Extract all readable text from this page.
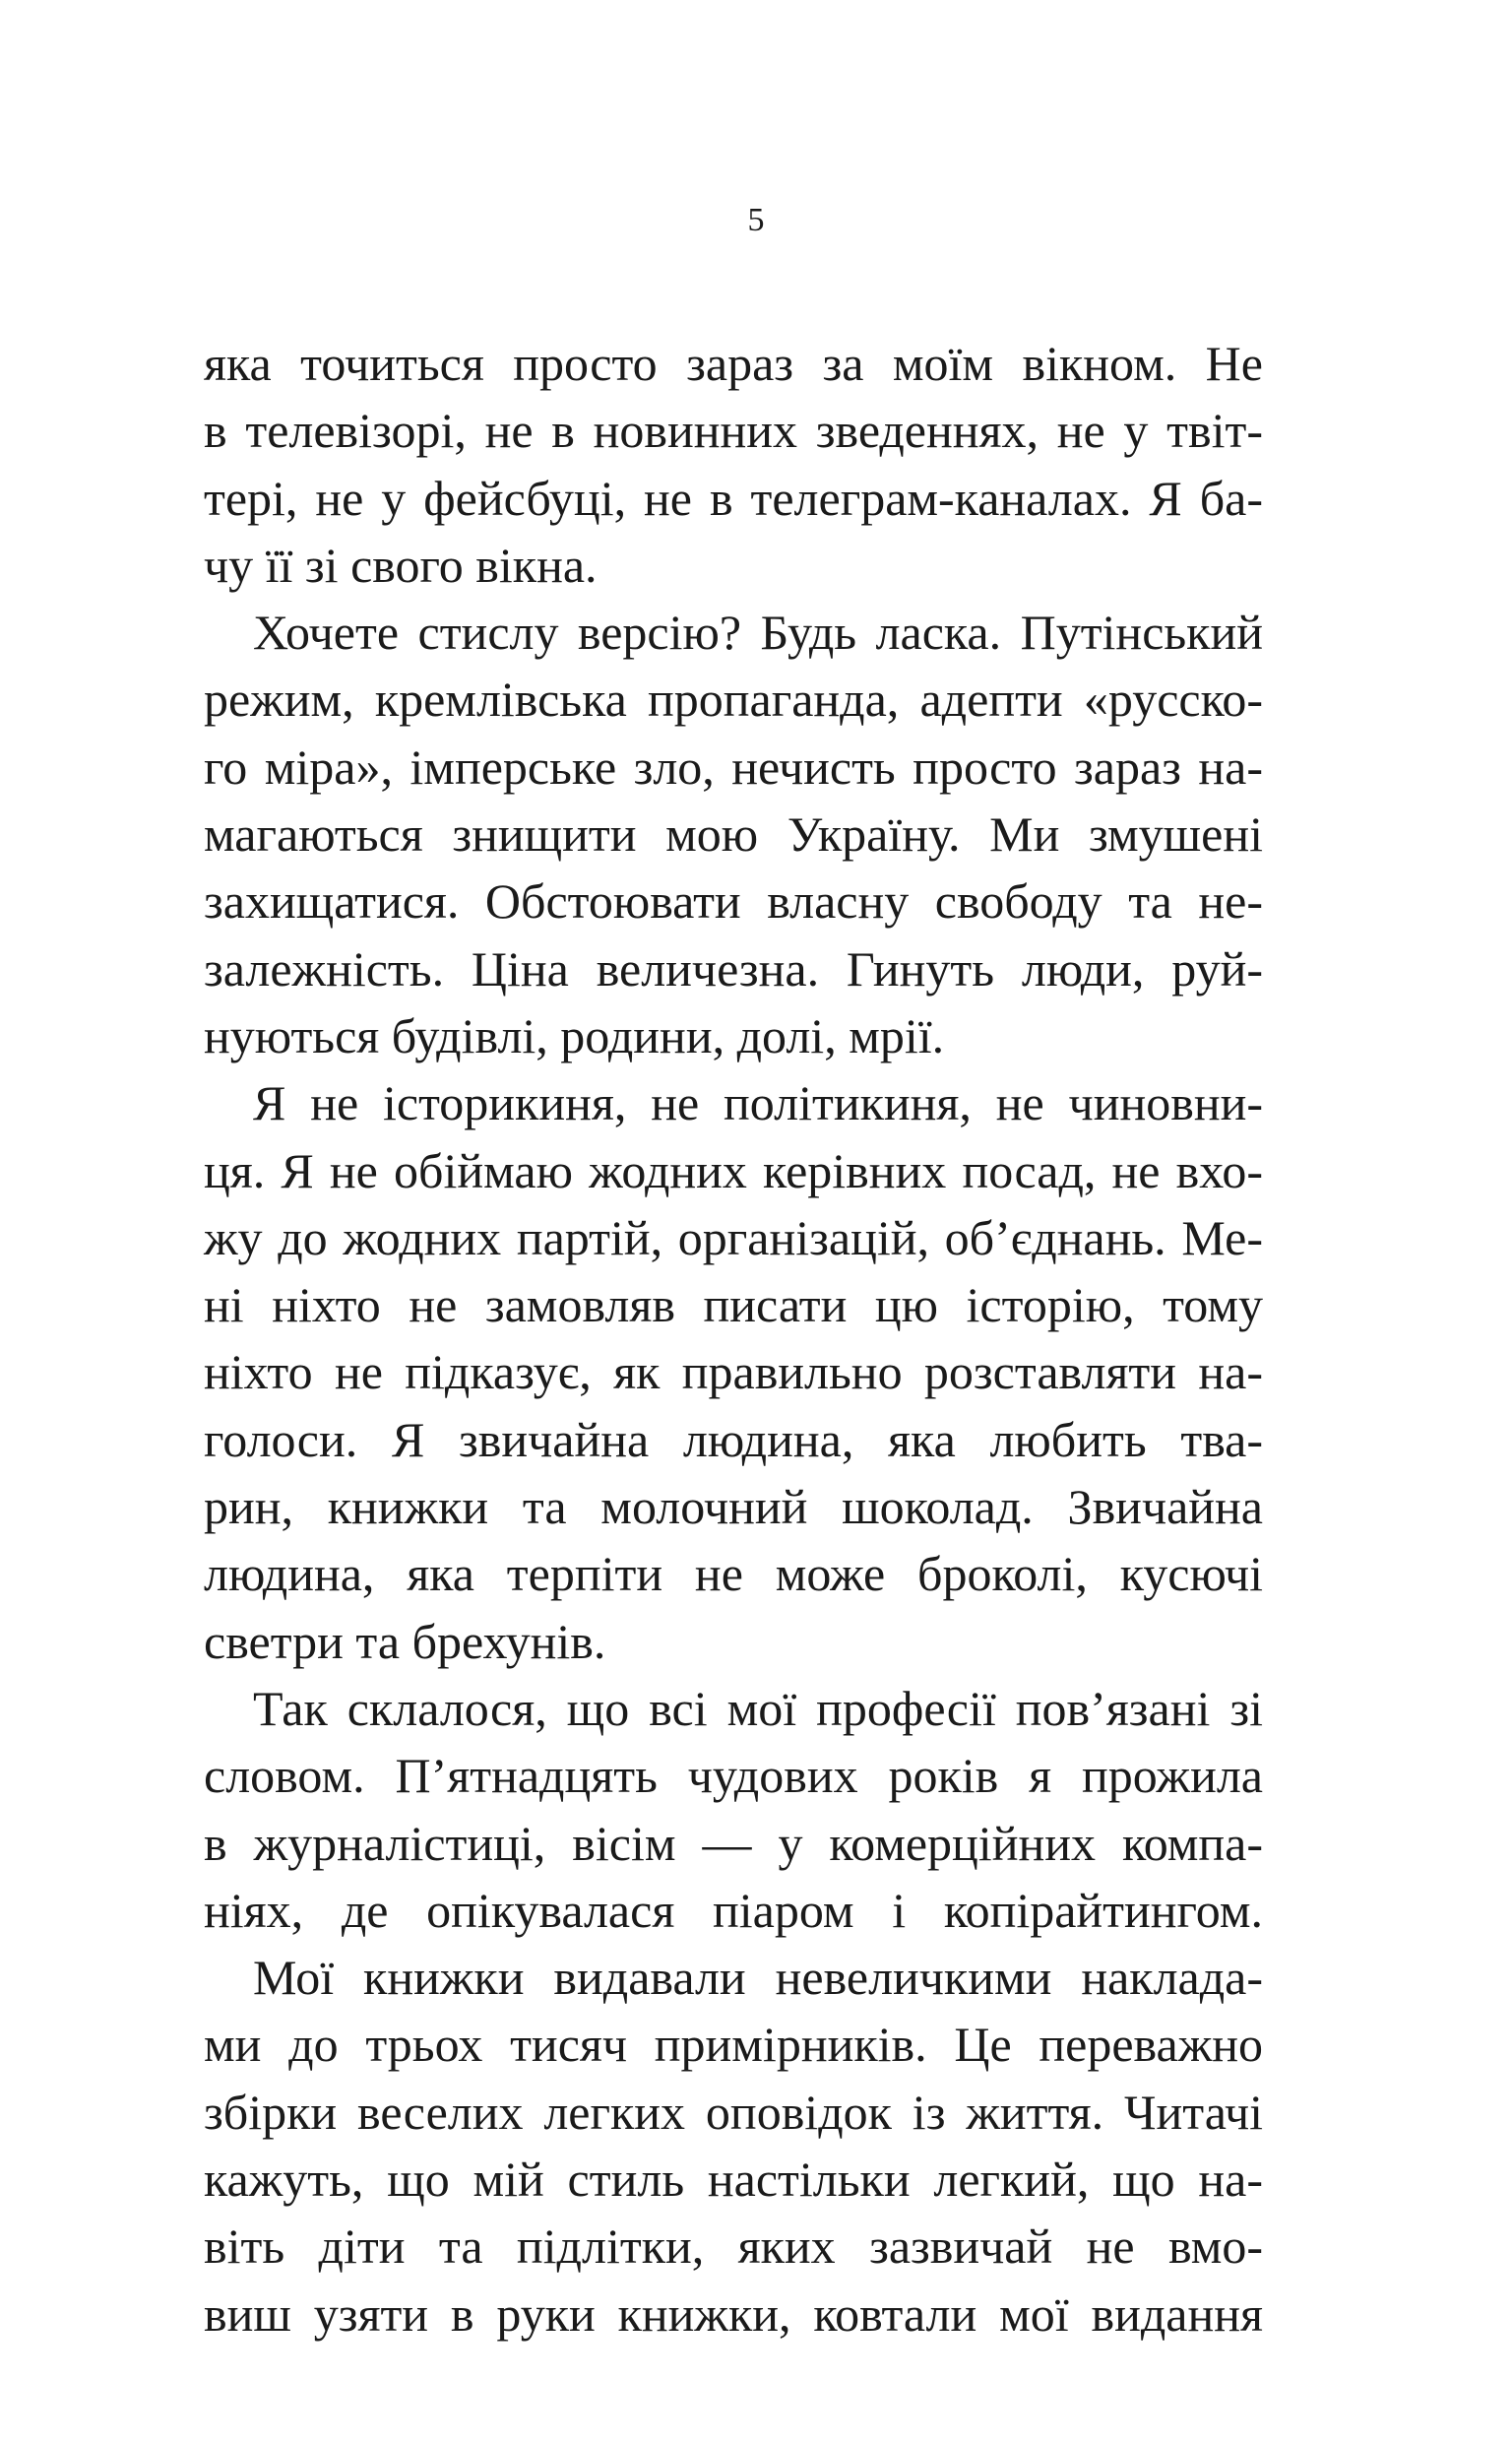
5
яка точиться просто зараз за моїм вікном. Не
в телевізорі, не в новинних зведеннях, не у твіт-
тері, не у фейсбуці, не в телеграм-каналах. Я ба-
чу її зі свого вікна.
Хочете стислу версію? Будь ласка. Путінський
режим, кремлівська пропаганда, адепти «русско-
го міра», імперське зло, нечисть просто зараз на-
магаються знищити мою Україну. Ми змушені
захищатися. Обстоювати власну свободу та не-
залежність. Ціна величезна. Гинуть люди, руй-
нуються будівлі, родини, долі, мрії.
Я не історикиня, не політикиня, не чиновни-
ця. Я не обіймаю жодних керівних посад, не вхо-
жу до жодних партій, організацій, об’єднань. Ме-
ні ніхто не замовляв писати цю історію, тому
ніхто не підказує, як правильно розставляти на-
голоси. Я звичайна людина, яка любить тва-
рин, книжки та молочний шоколад. Звичайна
людина, яка терпіти не може броколі, кусючі
светри та брехунів.
Так склалося, що всі мої професії пов’язані зі
словом. П’ятнадцять чудових років я прожила
в журналістиці, вісім — у комерційних компа-
ніях, де опікувалася піаром і копірайтингом.
Мої книжки видавали невеличкими наклада-
ми до трьох тисяч примірників. Це переважно
збірки веселих легких оповідок із життя. Читачі
кажуть, що мій стиль настільки легкий, що на-
віть діти та підлітки, яких зазвичай не вмо-
виш узяти в руки книжки, ковтали мої видання
